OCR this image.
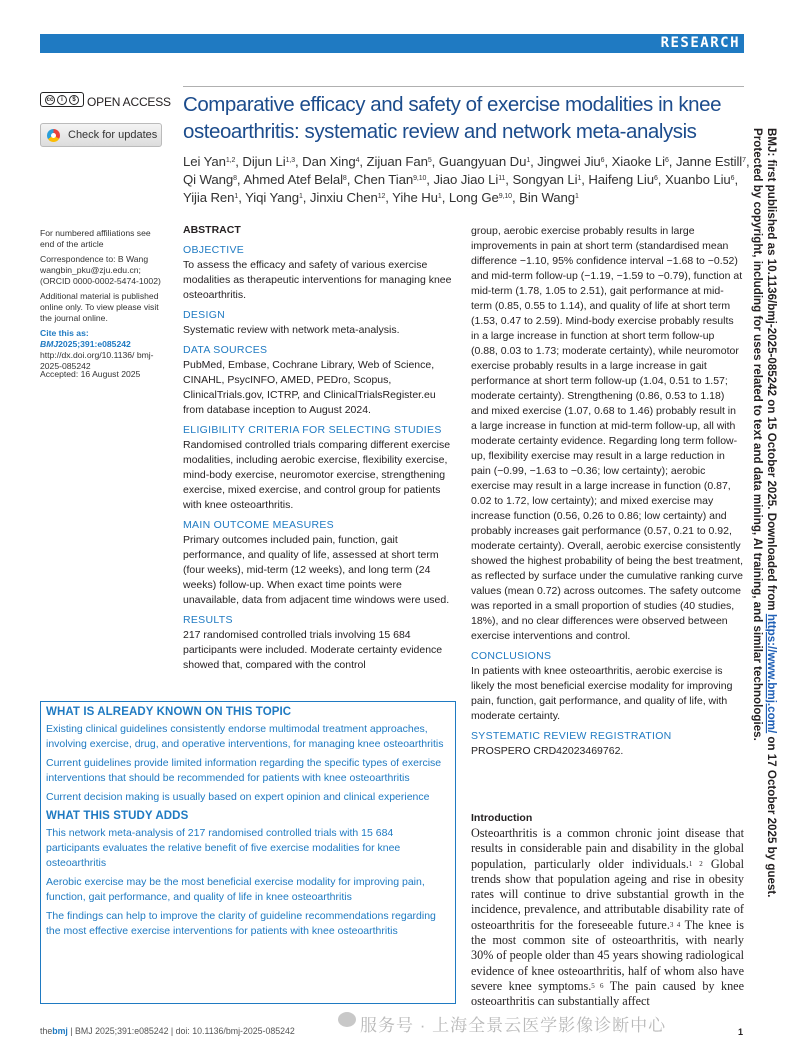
RESEARCH
cc	i	$ OPEN ACCESS
Check for updates
Comparative efficacy and safety of exercise modalities in knee osteoarthritis: systematic review and network meta-analysis
Lei Yan$^{1,2}$, Dijun Li$^{1,3}$, Dan Xing$^4$, Zijuan Fan$^5$, Guangyuan Du$^1$, Jingwei Jiu$^6$, Xiaoke Li$^6$, Janne Estill$^7$, Qi Wang$^8$, Ahmed Atef Belal$^8$, Chen Tian$^{9,10}$, Jiao Jiao Li$^{11}$, Songyan Li$^1$, Haifeng Liu$^6$, Xuanbo Liu$^6$, Yijia Ren$^1$, Yiqi Yang$^1$, Jinxiu Chen$^{12}$, Yihe Hu$^1$, Long Ge$^{9,10}$, Bin Wang$^1$
For numbered affiliations see end of the article
Correspondence to: B Wang wangbin_pku@zju.edu.cn; (ORCID 0000-0002-5474-1002)
Additional material is published online only. To view please visit the journal online.
Cite this as: BMJ2025;391:e085242
http://dx.doi.org/10.1136/ bmj-2025-085242
Accepted: 16 August 2025
ABSTRACT
OBJECTIVE

To assess the efficacy and safety of various exercise modalities as therapeutic interventions for managing knee osteoarthritis.

DESIGN

Systematic review with network meta-analysis.

DATA SOURCES

PubMed, Embase, Cochrane Library, Web of Science, CINAHL, PsycINFO, AMED, PEDro, Scopus, ClinicalTrials.gov, ICTRP, and ClinicalTrialsRegister.eu from database inception to August 2024.

ELIGIBILITY CRITERIA FOR SELECTING STUDIES

Randomised controlled trials comparing different exercise modalities, including aerobic exercise, flexibility exercise, mind-body exercise, neuromotor exercise, strengthening exercise, mixed exercise, and control group for patients with knee osteoarthritis.

MAIN OUTCOME MEASURES

Primary outcomes included pain, function, gait performance, and quality of life, assessed at short term (four weeks), mid-term (12 weeks), and long term (24 weeks) follow-up. When exact time points were unavailable, data from adjacent time windows were used.

RESULTS

217 randomised controlled trials involving 15 684 participants were included. Moderate certainty evidence showed that, compared with the control

group, aerobic exercise probably results in large improvements in pain at short term (standardised mean difference −1.10, 95% confidence interval −1.68 to −0.52) and mid-term follow-up (−1.19, −1.59 to −0.79), function at mid-term (1.78, 1.05 to 2.51), gait performance at mid-term (0.85, 0.55 to 1.14), and quality of life at short term (1.53, 0.47 to 2.59). Mind-body exercise probably results in a large increase in function at short term follow-up (0.88, 0.03 to 1.73; moderate certainty), while neuromotor exercise probably results in a large increase in gait performance at short term follow-up (1.04, 0.51 to 1.57; moderate certainty). Strengthening (0.86, 0.53 to 1.18) and mixed exercise (1.07, 0.68 to 1.46) probably result in a large increase in function at mid-term follow-up, all with moderate certainty evidence. Regarding long term follow-up, flexibility exercise may result in a large reduction in pain (−0.99, −1.63 to −0.36; low certainty); aerobic exercise may result in a large increase in function (0.87, 0.02 to 1.72, low certainty); and mixed exercise may increase function (0.56, 0.26 to 0.86; low certainty) and probably increases gait performance (0.57, 0.21 to 0.92, moderate certainty). Overall, aerobic exercise consistently showed the highest probability of being the best treatment, as reflected by surface under the cumulative ranking curve values (mean 0.72) across outcomes. The safety outcome was reported in a small proportion of studies (40 studies, 18%), and no clear differences were observed between exercise interventions and control.

CONCLUSIONS

In patients with knee osteoarthritis, aerobic exercise is likely the most beneficial exercise modality for improving pain, function, gait performance, and quality of life, with moderate certainty.

SYSTEMATIC REVIEW REGISTRATION

PROSPERO CRD42023469762.

WHAT IS ALREADY KNOWN ON THIS TOPIC
Existing clinical guidelines consistently endorse multimodal treatment approaches, involving exercise, drug, and operative interventions, for managing knee osteoarthritis
Current guidelines provide limited information regarding the specific types of exercise interventions that should be recommended for patients with knee osteoarthritis
Current decision making is usually based on expert opinion and clinical experience
WHAT THIS STUDY ADDS
This network meta-analysis of 217 randomised controlled trials with 15 684 participants evaluates the relative benefit of five exercise modalities for knee osteoarthritis
Aerobic exercise may be the most beneficial exercise modality for improving pain, function, gait performance, and quality of life in knee osteoarthritis
The findings can help to improve the clarity of guideline recommendations regarding the most effective exercise interventions for patients with knee osteoarthritis
Introduction
Osteoarthritis is a common chronic joint disease that results in considerable pain and disability in the global population, particularly older individuals.$^{1 2}$ Global trends show that population ageing and rise in obesity rates will continue to drive substantial growth in the incidence, prevalence, and attributable disability rate of osteoarthritis for the foreseeable future.$^{3 4}$ The knee is the most common site of osteoarthritis, with nearly 30% of people older than 45 years showing radiological evidence of knee osteoarthritis, half of whom also have severe knee symptoms.$^{5 6}$ The pain caused by knee osteoarthritis can substantially affect
BMJ: first published as 10.1136/bmj-2025-085242 on 15 October 2025. Downloaded from https://www.bmj.com/ on 17 October 2025 by guest.
Protected by copyright, including for uses related to text and data mining, AI training, and similar technologies.
thebmj | BMJ 2025;391:e085242 | doi: 10.1136/bmj-2025-085242	1
服务号 · 上海全景云医学影像诊断中心
